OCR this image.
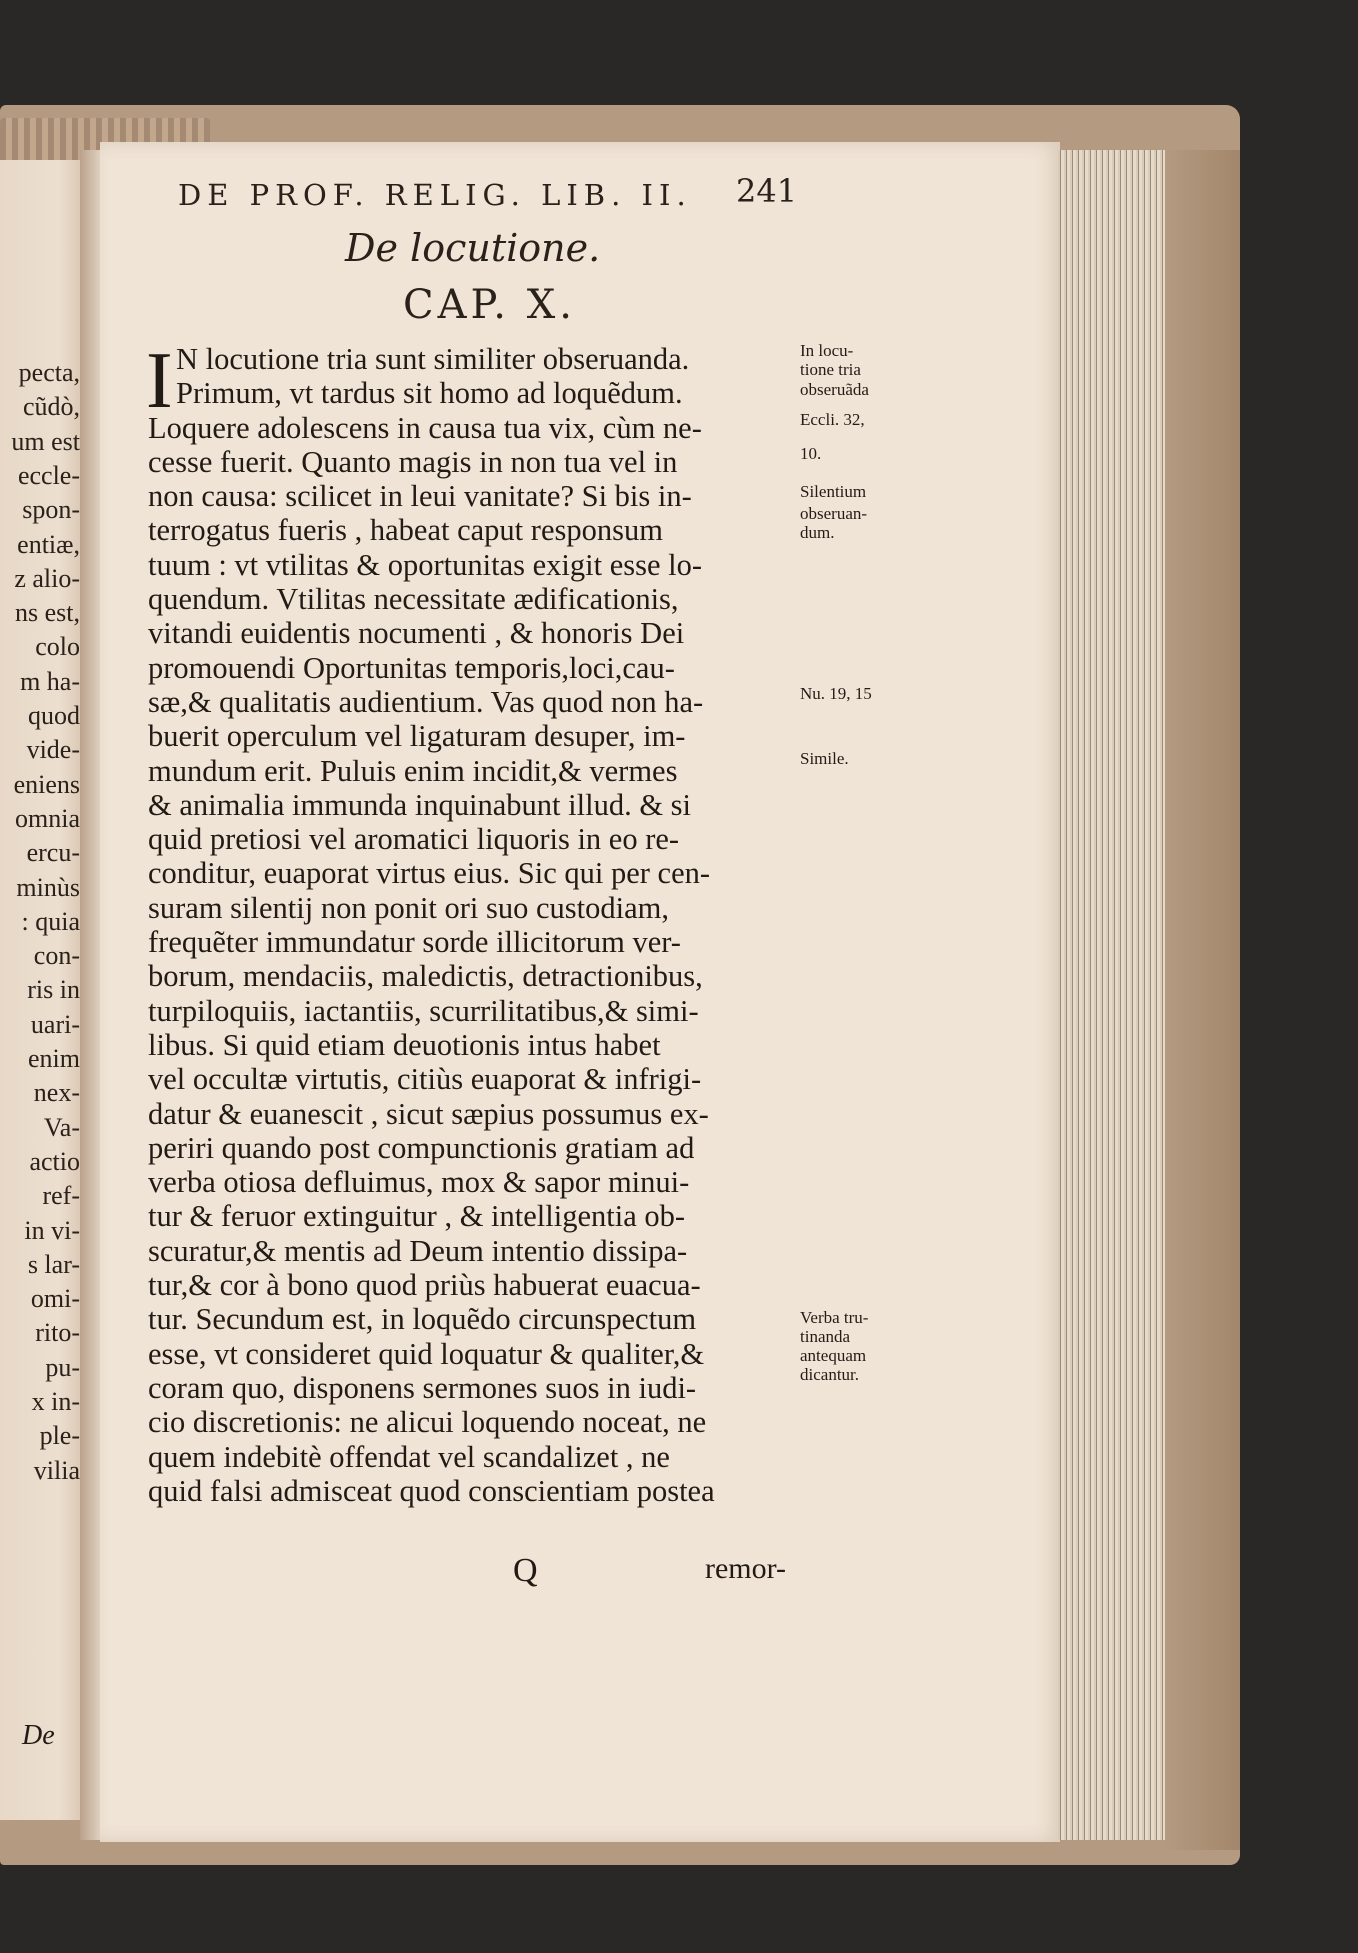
De
pecta,
cũdò,
um est
eccle-
spon-
entiæ,
z alio-
ns est,
colo
m ha-
quod
vide-
eniens
omnia
ercu-
minùs
: quia
con-
ris in
uari-
enim
nex-
Va-
actio
ref-
in vi-
s lar-
omi-
rito-
pu-
x in-
ple-
vilia
DE PROF. RELIG. LIB. II.	241
De locutione.
CAP. X.
I N locutione tria sunt similiter obseruanda.
Primum, vt tardus sit homo ad loquẽdum.
Loquere adolescens in causa tua vix, cùm ne-
cesse fuerit. Quanto magis in non tua vel in
non causa: scilicet in leui vanitate? Si bis in-
terrogatus fueris , habeat caput responsum
tuum : vt vtilitas & oportunitas exigit esse lo-
quendum. Vtilitas necessitate ædificationis,
vitandi euidentis nocumenti , & honoris Dei
promouendi Oportunitas temporis,loci,cau-
sæ,& qualitatis audientium. Vas quod non ha-
buerit operculum vel ligaturam desuper, im-
mundum erit. Puluis enim incidit,& vermes
& animalia immunda inquinabunt illud. & si
quid pretiosi vel aromatici liquoris in eo re-
conditur, euaporat virtus eius. Sic qui per cen-
suram silentij non ponit ori suo custodiam,
frequẽter immundatur sorde illicitorum ver-
borum, mendaciis, maledictis, detractionibus,
turpiloquiis, iactantiis, scurrilitatibus,& simi-
libus. Si quid etiam deuotionis intus habet
vel occultæ virtutis, citiùs euaporat & infrigi-
datur & euanescit , sicut sæpius possumus ex-
periri quando post compunctionis gratiam ad
verba otiosa defluimus, mox & sapor minui-
tur & feruor extinguitur , & intelligentia ob-
scuratur,& mentis ad Deum intentio dissipa-
tur,& cor à bono quod priùs habuerat euacua-
tur. Secundum est, in loquẽdo circunspectum
esse, vt consideret quid loquatur & qualiter,&
coram quo, disponens sermones suos in iudi-
cio discretionis: ne alicui loquendo noceat, ne
quem indebitè offendat vel scandalizet , ne
quid falsi admisceat quod conscientiam postea
In locu-
tione tria
obseruãda
Eccli. 32,
10.
Silentium
obseruan-
dum.
Nu. 19, 15
Simile.
Verba tru-
tinanda
antequam
dicantur.
Q	remor-
